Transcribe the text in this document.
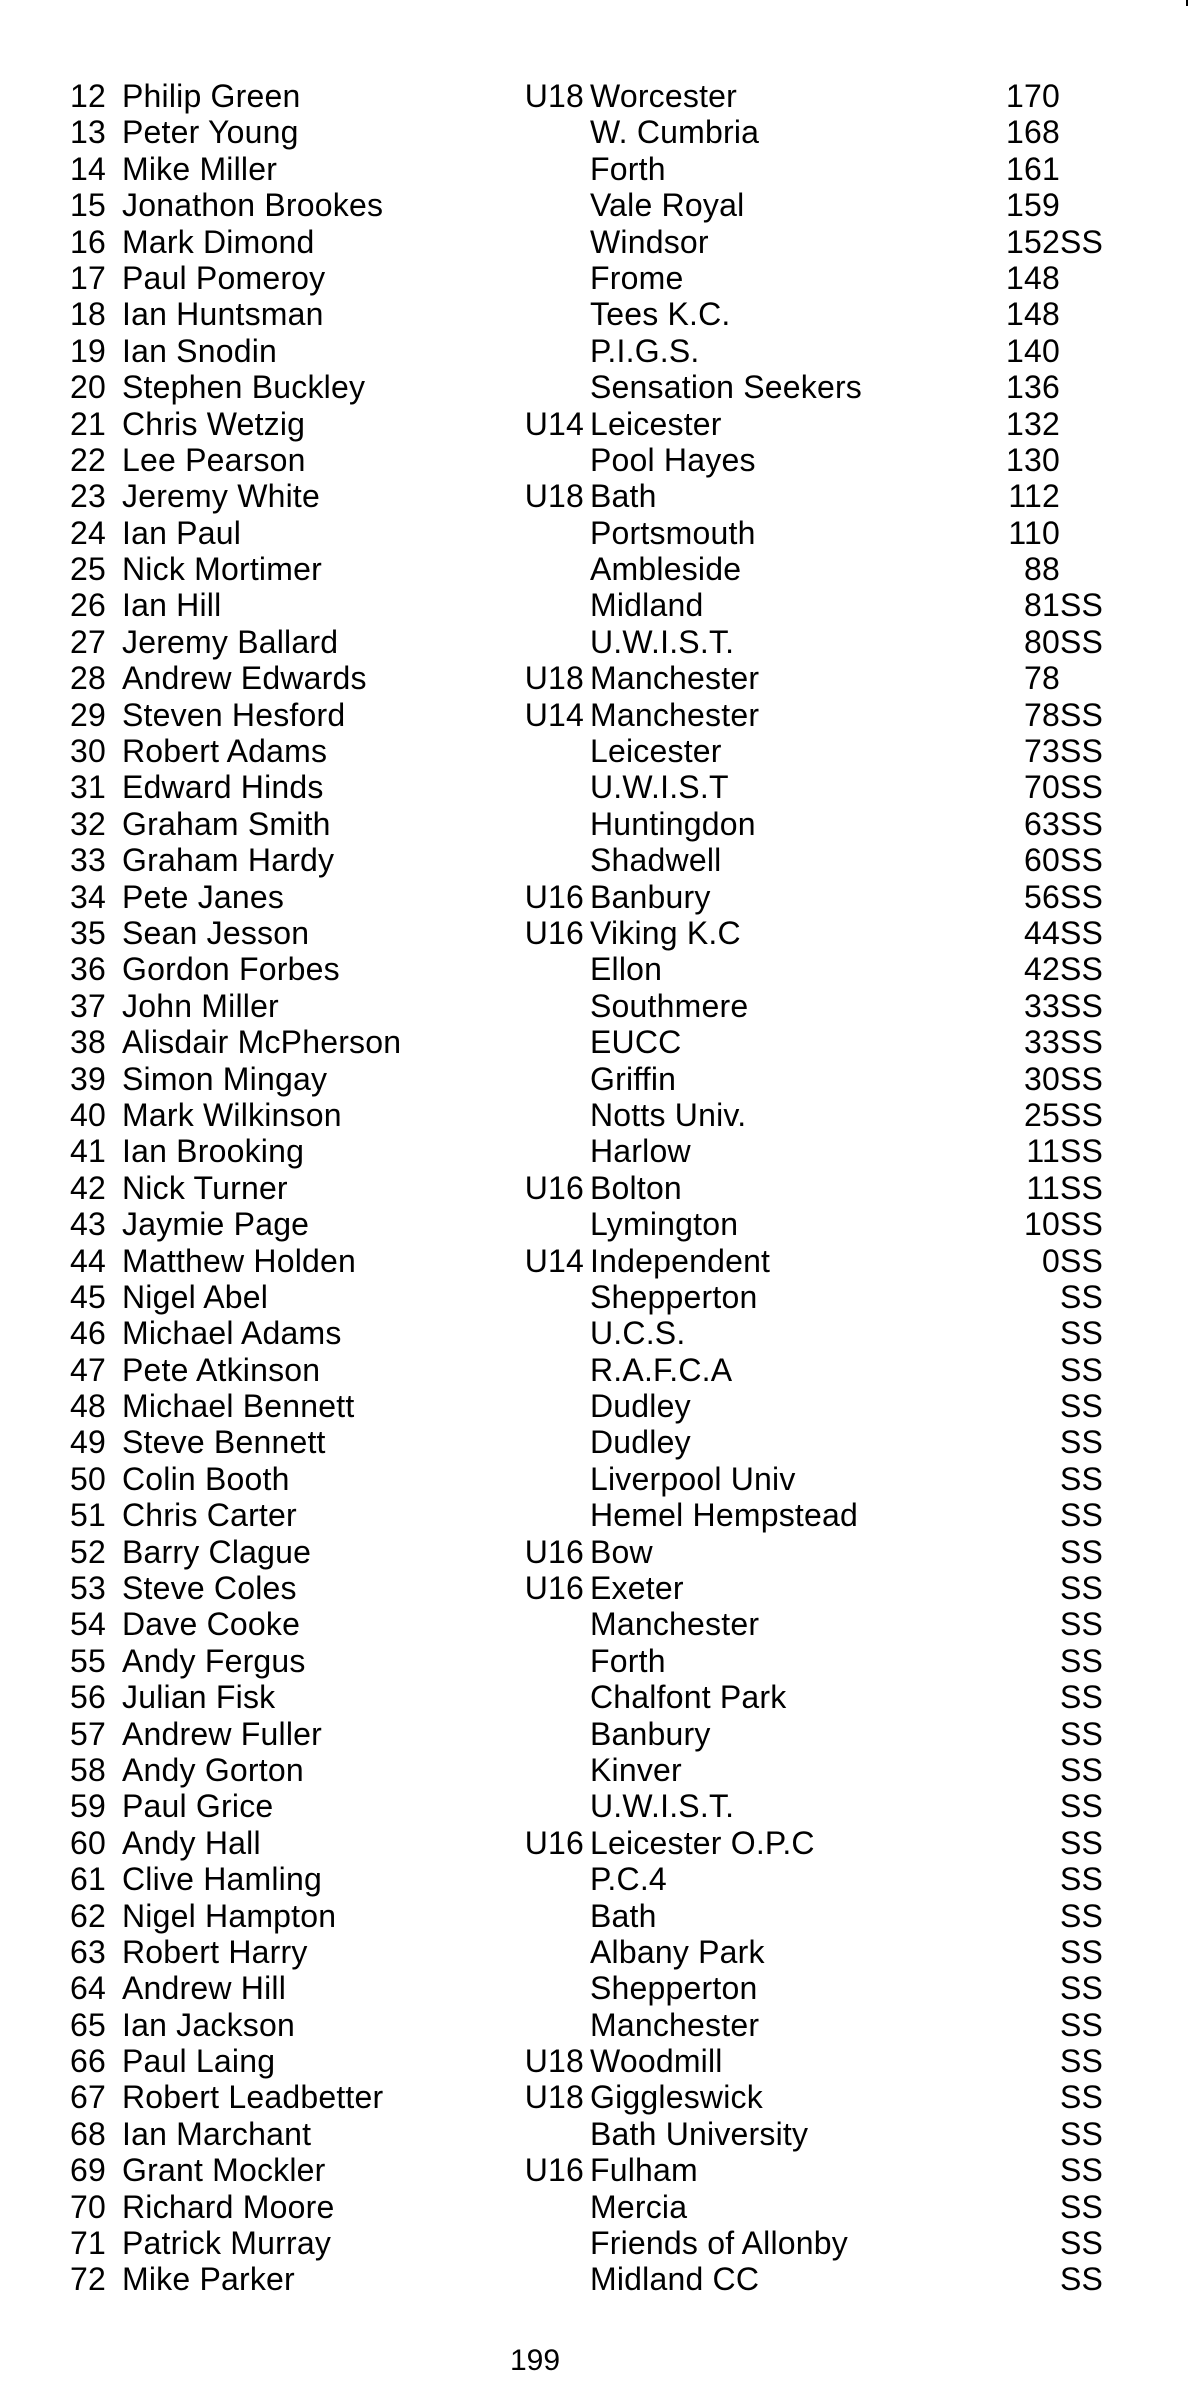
12 Philip Green	U18 Worcester	170
13 Peter Young	W. Cumbria	168
14 Mike Miller	Forth	161
15 Jonathon Brookes	Vale Royal	159
16 Mark Dimond	Windsor	152 SS
17 Paul Pomeroy	Frome	148
18 Ian Huntsman	Tees K.C.	148
19 Ian Snodin	P.I.G.S.	140
20 Stephen Buckley	Sensation Seekers	136
21 Chris Wetzig	U14 Leicester	132
22 Lee Pearson	Pool Hayes	130
23 Jeremy White	U18 Bath	112
24 Ian Paul	Portsmouth	110
25 Nick Mortimer	Ambleside	88
26 Ian Hill	Midland	81 SS
27 Jeremy Ballard	U.W.I.S.T.	80 SS
28 Andrew Edwards	U18 Manchester	78
29 Steven Hesford	U14 Manchester	78 SS
30 Robert Adams	Leicester	73 SS
31 Edward Hinds	U.W.I.S.T	70 SS
32 Graham Smith	Huntingdon	63 SS
33 Graham Hardy	Shadwell	60 SS
34 Pete Janes	U16 Banbury	56 SS
35 Sean Jesson	U16 Viking K.C	44 SS
36 Gordon Forbes	Ellon	42 SS
37 John Miller	Southmere	33 SS
38 Alisdair McPherson	EUCC	33 SS
39 Simon Mingay	Griffin	30 SS
40 Mark Wilkinson	Notts Univ.	25 SS
41 Ian Brooking	Harlow	11 SS
42 Nick Turner	U16 Bolton	11 SS
43 Jaymie Page	Lymington	10 SS
44 Matthew Holden	U14 Independent	0 SS
45 Nigel Abel	Shepperton	SS
46 Michael Adams	U.C.S.	SS
47 Pete Atkinson	R.A.F.C.A	SS
48 Michael Bennett	Dudley	SS
49 Steve Bennett	Dudley	SS
50 Colin Booth	Liverpool Univ	SS
51 Chris Carter	Hemel Hempstead	SS
52 Barry Clague	U16 Bow	SS
53 Steve Coles	U16 Exeter	SS
54 Dave Cooke	Manchester	SS
55 Andy Fergus	Forth	SS
56 Julian Fisk	Chalfont Park	SS
57 Andrew Fuller	Banbury	SS
58 Andy Gorton	Kinver	SS
59 Paul Grice	U.W.I.S.T.	SS
60 Andy Hall	U16 Leicester O.P.C	SS
61 Clive Hamling	P.C.4	SS
62 Nigel Hampton	Bath	SS
63 Robert Harry	Albany Park	SS
64 Andrew Hill	Shepperton	SS
65 Ian Jackson	Manchester	SS
66 Paul Laing	U18 Woodmill	SS
67 Robert Leadbetter	U18 Giggleswick	SS
68 Ian Marchant	Bath University	SS
69 Grant Mockler	U16 Fulham	SS
70 Richard Moore	Mercia	SS
71 Patrick Murray	Friends of Allonby	SS
72 Mike Parker	Midland CC	SS
199
